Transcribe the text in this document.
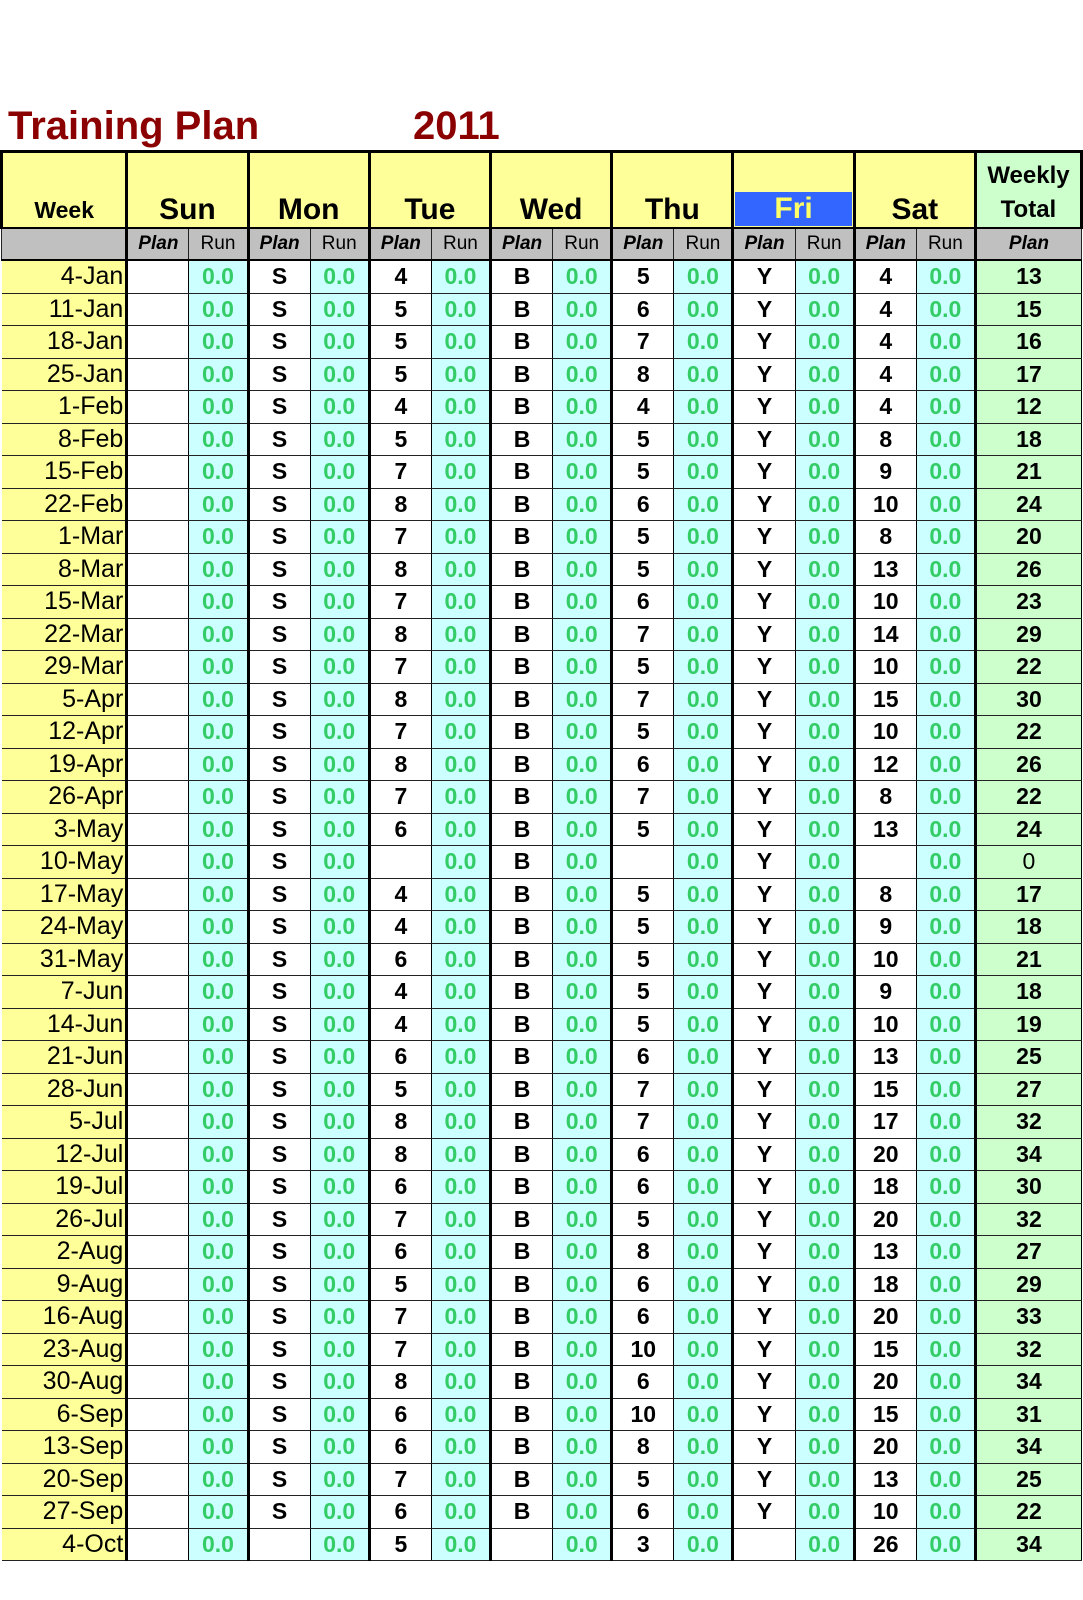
Training Plan	2011
Week	Sun		Mon		Tue		Wed		Thu		Fri		Sat		Weekly
Total
	Plan	Run	Plan	Run	Plan	Run	Plan	Run	Plan	Run	Plan	Run	Plan	Run	Plan
4-Jan		0.0	S	0.0	4	0.0	B	0.0	5	0.0	Y	0.0	4	0.0	13
11-Jan		0.0	S	0.0	5	0.0	B	0.0	6	0.0	Y	0.0	4	0.0	15
18-Jan		0.0	S	0.0	5	0.0	B	0.0	7	0.0	Y	0.0	4	0.0	16
25-Jan		0.0	S	0.0	5	0.0	B	0.0	8	0.0	Y	0.0	4	0.0	17
1-Feb		0.0	S	0.0	4	0.0	B	0.0	4	0.0	Y	0.0	4	0.0	12
8-Feb		0.0	S	0.0	5	0.0	B	0.0	5	0.0	Y	0.0	8	0.0	18
15-Feb		0.0	S	0.0	7	0.0	B	0.0	5	0.0	Y	0.0	9	0.0	21
22-Feb		0.0	S	0.0	8	0.0	B	0.0	6	0.0	Y	0.0	10	0.0	24
1-Mar		0.0	S	0.0	7	0.0	B	0.0	5	0.0	Y	0.0	8	0.0	20
8-Mar		0.0	S	0.0	8	0.0	B	0.0	5	0.0	Y	0.0	13	0.0	26
15-Mar		0.0	S	0.0	7	0.0	B	0.0	6	0.0	Y	0.0	10	0.0	23
22-Mar		0.0	S	0.0	8	0.0	B	0.0	7	0.0	Y	0.0	14	0.0	29
29-Mar		0.0	S	0.0	7	0.0	B	0.0	5	0.0	Y	0.0	10	0.0	22
5-Apr		0.0	S	0.0	8	0.0	B	0.0	7	0.0	Y	0.0	15	0.0	30
12-Apr		0.0	S	0.0	7	0.0	B	0.0	5	0.0	Y	0.0	10	0.0	22
19-Apr		0.0	S	0.0	8	0.0	B	0.0	6	0.0	Y	0.0	12	0.0	26
26-Apr		0.0	S	0.0	7	0.0	B	0.0	7	0.0	Y	0.0	8	0.0	22
3-May		0.0	S	0.0	6	0.0	B	0.0	5	0.0	Y	0.0	13	0.0	24
10-May		0.0	S	0.0		0.0	B	0.0		0.0	Y	0.0		0.0	0
17-May		0.0	S	0.0	4	0.0	B	0.0	5	0.0	Y	0.0	8	0.0	17
24-May		0.0	S	0.0	4	0.0	B	0.0	5	0.0	Y	0.0	9	0.0	18
31-May		0.0	S	0.0	6	0.0	B	0.0	5	0.0	Y	0.0	10	0.0	21
7-Jun		0.0	S	0.0	4	0.0	B	0.0	5	0.0	Y	0.0	9	0.0	18
14-Jun		0.0	S	0.0	4	0.0	B	0.0	5	0.0	Y	0.0	10	0.0	19
21-Jun		0.0	S	0.0	6	0.0	B	0.0	6	0.0	Y	0.0	13	0.0	25
28-Jun		0.0	S	0.0	5	0.0	B	0.0	7	0.0	Y	0.0	15	0.0	27
5-Jul		0.0	S	0.0	8	0.0	B	0.0	7	0.0	Y	0.0	17	0.0	32
12-Jul		0.0	S	0.0	8	0.0	B	0.0	6	0.0	Y	0.0	20	0.0	34
19-Jul		0.0	S	0.0	6	0.0	B	0.0	6	0.0	Y	0.0	18	0.0	30
26-Jul		0.0	S	0.0	7	0.0	B	0.0	5	0.0	Y	0.0	20	0.0	32
2-Aug		0.0	S	0.0	6	0.0	B	0.0	8	0.0	Y	0.0	13	0.0	27
9-Aug		0.0	S	0.0	5	0.0	B	0.0	6	0.0	Y	0.0	18	0.0	29
16-Aug		0.0	S	0.0	7	0.0	B	0.0	6	0.0	Y	0.0	20	0.0	33
23-Aug		0.0	S	0.0	7	0.0	B	0.0	10	0.0	Y	0.0	15	0.0	32
30-Aug		0.0	S	0.0	8	0.0	B	0.0	6	0.0	Y	0.0	20	0.0	34
6-Sep		0.0	S	0.0	6	0.0	B	0.0	10	0.0	Y	0.0	15	0.0	31
13-Sep		0.0	S	0.0	6	0.0	B	0.0	8	0.0	Y	0.0	20	0.0	34
20-Sep		0.0	S	0.0	7	0.0	B	0.0	5	0.0	Y	0.0	13	0.0	25
27-Sep		0.0	S	0.0	6	0.0	B	0.0	6	0.0	Y	0.0	10	0.0	22
4-Oct		0.0		0.0	5	0.0		0.0	3	0.0		0.0	26	0.0	34
